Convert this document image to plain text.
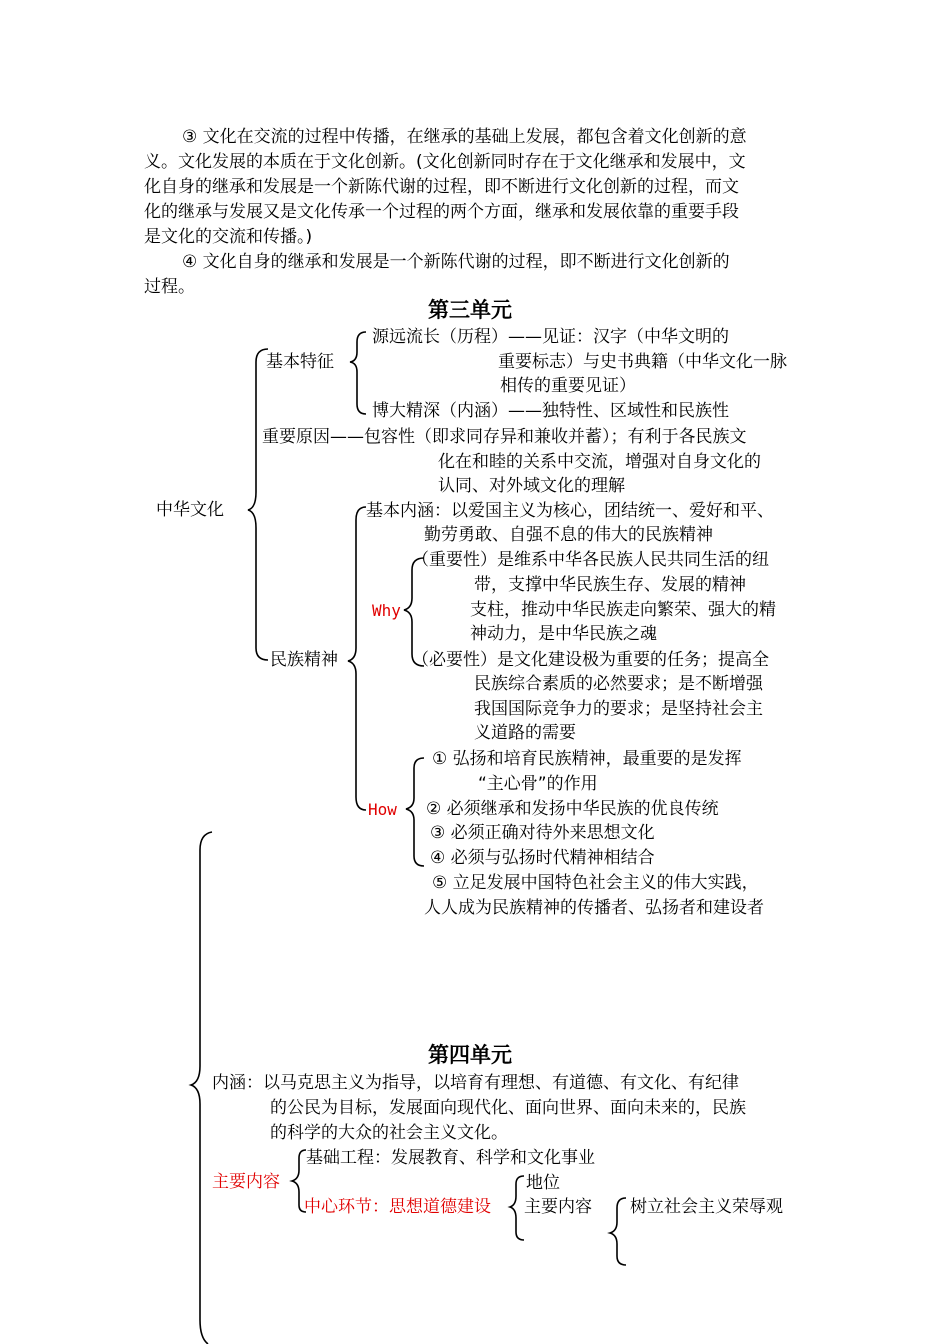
③ 文化在交流的过程中传播，在继承的基础上发展，都包含着文化创新的意
义。文化发展的本质在于文化创新。(文化创新同时存在于文化继承和发展中，文
化自身的继承和发展是一个新陈代谢的过程，即不断进行文化创新的过程，而文
化的继承与发展又是文化传承一个过程的两个方面，继承和发展依靠的重要手段
是文化的交流和传播。)
④ 文化自身的继承和发展是一个新陈代谢的过程，即不断进行文化创新的
过程。
第三单元
中华文化
基本特征
源远流长（历程）——见证：汉字（中华文明的
重要标志）与史书典籍（中华文化一脉
相传的重要见证）
博大精深（内涵）——独特性、区域性和民族性
重要原因——包容性（即求同存异和兼收并蓄）；有利于各民族文
化在和睦的关系中交流，增强对自身文化的
认同、对外域文化的理解
民族精神
基本内涵：以爱国主义为核心，团结统一、爱好和平、
勤劳勇敢、自强不息的伟大的民族精神
Why
（重要性）是维系中华各民族人民共同生活的纽
带，支撑中华民族生存、发展的精神
支柱，推动中华民族走向繁荣、强大的精
神动力，是中华民族之魂
（必要性）是文化建设极为重要的任务；提高全
民族综合素质的必然要求；是不断增强
我国国际竞争力的要求；是坚持社会主
义道路的需要
How
① 弘扬和培育民族精神，最重要的是发挥
“主心骨”的作用
② 必须继承和发扬中华民族的优良传统
③ 必须正确对待外来思想文化
④ 必须与弘扬时代精神相结合
⑤ 立足发展中国特色社会主义的伟大实践，
人人成为民族精神的传播者、弘扬者和建设者
第四单元
内涵：以马克思主义为指导，以培育有理想、有道德、有文化、有纪律
的公民为目标，发展面向现代化、面向世界、面向未来的，民族
的科学的大众的社会主义文化。
主要内容
基础工程：发展教育、科学和文化事业
中心环节：思想道德建设
地位
主要内容 树立社会主义荣辱观
